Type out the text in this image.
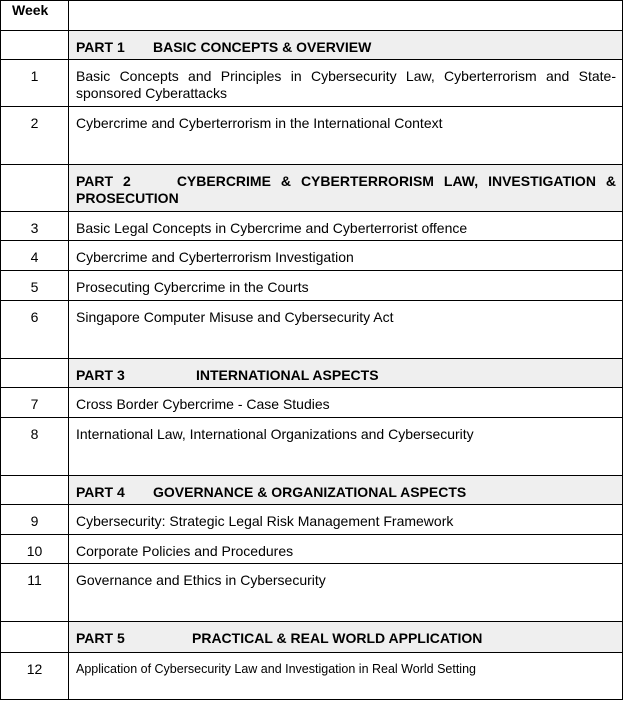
Week	
	PART 1 BASIC CONCEPTS & OVERVIEW
1	Basic Concepts and Principles in Cybersecurity Law, Cyberterrorism and State-sponsored Cyberattacks
2	Cybercrime and Cyberterrorism in the International Context
	PART 2 CYBERCRIME & CYBERTERRORISM LAW, INVESTIGATION & PROSECUTION
3	Basic Legal Concepts in Cybercrime and Cyberterrorist offence
4	Cybercrime and Cyberterrorism Investigation
5	Prosecuting Cybercrime in the Courts
6	Singapore Computer Misuse and Cybersecurity Act
	PART 3 INTERNATIONAL ASPECTS
7	Cross Border Cybercrime - Case Studies
8	International Law, International Organizations and Cybersecurity
	PART 4 GOVERNANCE & ORGANIZATIONAL ASPECTS
9	Cybersecurity: Strategic Legal Risk Management Framework
10	Corporate Policies and Procedures
11	Governance and Ethics in Cybersecurity
	PART 5 PRACTICAL & REAL WORLD APPLICATION
12	Application of Cybersecurity Law and Investigation in Real World Setting
